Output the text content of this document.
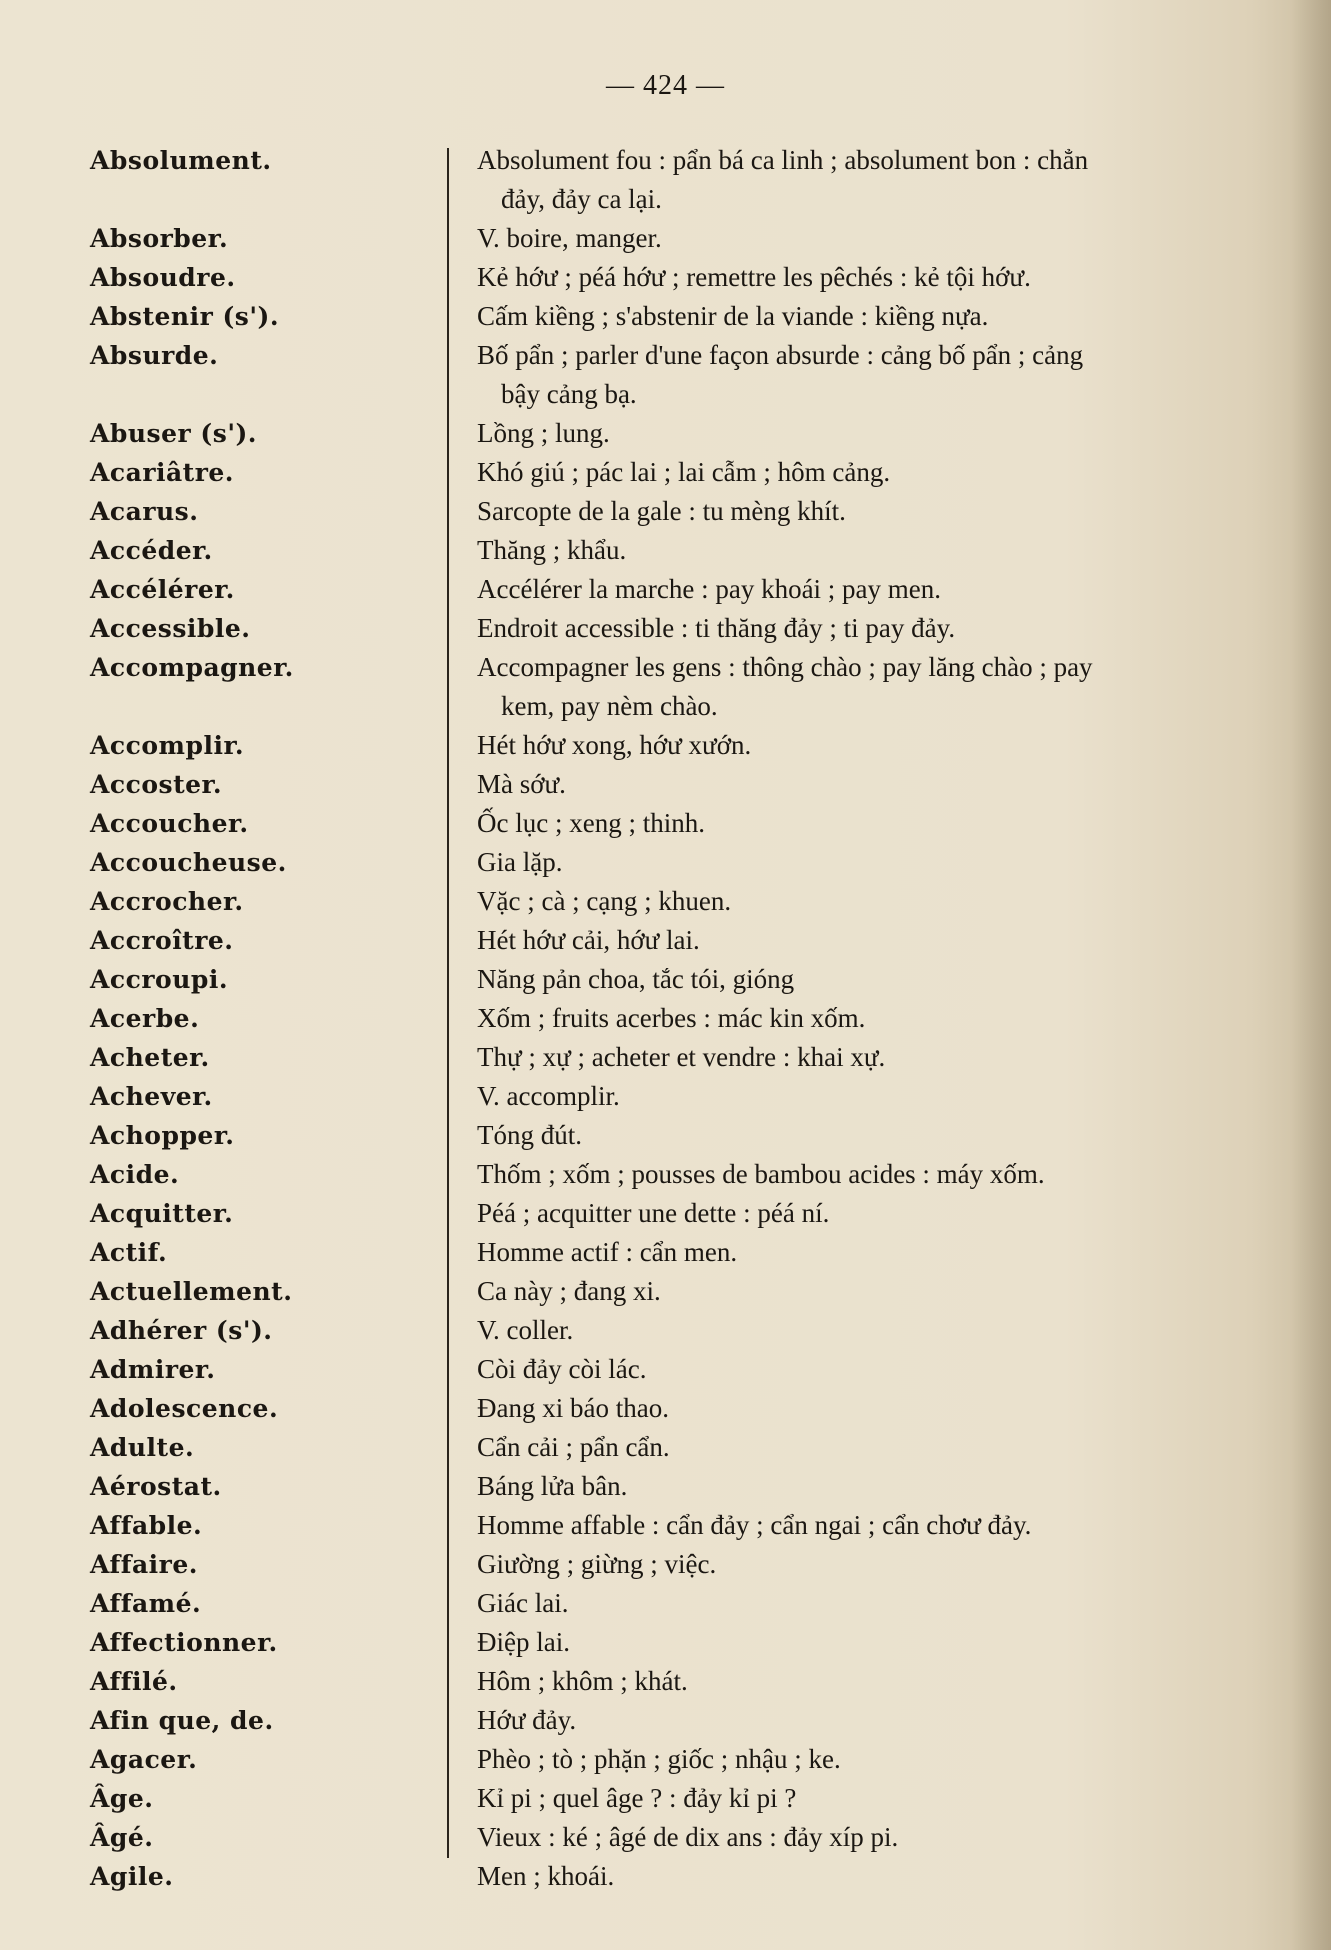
— 424 —
Absolument.	Absolument fou : pẩn bá ca linh ; absolument bon : chẳn
đảy, đảy ca lại.
Absorber.	V. boire, manger.
Absoudre.	Kẻ hớư ; péá hớư ; remettre les pêchés : kẻ tội hớư.
Abstenir (s').	Cấm kiềng ; s'abstenir de la viande : kiềng nựa.
Absurde.	Bố pẩn ; parler d'une façon absurde : cảng bố pẩn ; cảng
bậy cảng bạ.
Abuser (s').	Lồng ; lung.
Acariâtre.	Khó giú ; pác lai ; lai cẫm ; hôm cảng.
Acarus.	Sarcopte de la gale : tu mèng khít.
Accéder.	Thăng ; khẩu.
Accélérer.	Accélérer la marche : pay khoái ; pay men.
Accessible.	Endroit accessible : ti thăng đảy ; ti pay đảy.
Accompagner.	Accompagner les gens : thông chào ; pay lăng chào ; pay
kem, pay nèm chào.
Accomplir.	Hét hớư xong, hớư xướn.
Accoster.	Mà sớư.
Accoucher.	Ốc lục ; xeng ; thinh.
Accoucheuse.	Gia lặp.
Accrocher.	Vặc ; cà ; cạng ; khuen.
Accroître.	Hét hớư cải, hớư lai.
Accroupi.	Năng pản choa, tắc tói, gióng
Acerbe.	Xốm ; fruits acerbes : mác kin xốm.
Acheter.	Thự ; xự ; acheter et vendre : khai xự.
Achever.	V. accomplir.
Achopper.	Tóng đút.
Acide.	Thốm ; xốm ; pousses de bambou acides : máy xốm.
Acquitter.	Péá ; acquitter une dette : péá ní.
Actif.	Homme actif : cẩn men.
Actuellement.	Ca này ; đang xi.
Adhérer (s').	V. coller.
Admirer.	Còi đảy còi lác.
Adolescence.	Đang xi báo thao.
Adulte.	Cẩn cải ; pẩn cẩn.
Aérostat.	Báng lửa bân.
Affable.	Homme affable : cẩn đảy ; cẩn ngai ; cẩn chơư đảy.
Affaire.	Giường ; giừng ; việc.
Affamé.	Giác lai.
Affectionner.	Điệp lai.
Affilé.	Hôm ; khôm ; khát.
Afin que, de.	Hớư đảy.
Agacer.	Phèo ; tò ; phặn ; giốc ; nhậu ; ke.
Âge.	Kỉ pi ; quel âge ? : đảy kỉ pi ?
Âgé.	Vieux : ké ; âgé de dix ans : đảy xíp pi.
Agile.	Men ; khoái.
